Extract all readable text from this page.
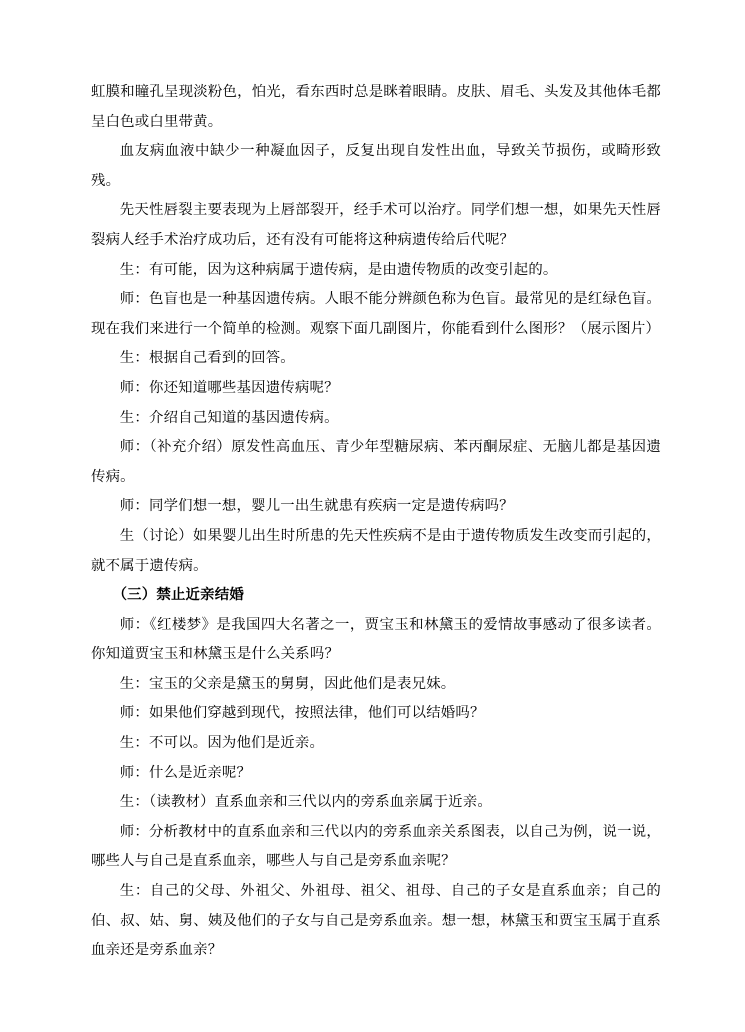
虹膜和瞳孔呈现淡粉色，怕光，看东西时总是眯着眼睛。皮肤、眉毛、头发及其他体毛都呈白色或白里带黄。

血友病血液中缺少一种凝血因子，反复出现自发性出血，导致关节损伤，或畸形致残。

先天性唇裂主要表现为上唇部裂开，经手术可以治疗。同学们想一想，如果先天性唇裂病人经手术治疗成功后，还有没有可能将这种病遗传给后代呢？

生：有可能，因为这种病属于遗传病，是由遗传物质的改变引起的。

师：色盲也是一种基因遗传病。人眼不能分辨颜色称为色盲。最常见的是红绿色盲。现在我们来进行一个简单的检测。观察下面几副图片，你能看到什么图形？（展示图片）

生：根据自己看到的回答。

师：你还知道哪些基因遗传病呢？

生：介绍自己知道的基因遗传病。

师：（补充介绍）原发性高血压、青少年型糖尿病、苯丙酮尿症、无脑儿都是基因遗传病。

师：同学们想一想，婴儿一出生就患有疾病一定是遗传病吗？

生（讨论）如果婴儿出生时所患的先天性疾病不是由于遗传物质发生改变而引起的，就不属于遗传病。

（三）禁止近亲结婚

师：《红楼梦》是我国四大名著之一，贾宝玉和林黛玉的爱情故事感动了很多读者。你知道贾宝玉和林黛玉是什么关系吗？

生：宝玉的父亲是黛玉的舅舅，因此他们是表兄妹。

师：如果他们穿越到现代，按照法律，他们可以结婚吗？

生：不可以。因为他们是近亲。

师：什么是近亲呢？

生：（读教材）直系血亲和三代以内的旁系血亲属于近亲。

师：分析教材中的直系血亲和三代以内的旁系血亲关系图表，以自己为例，说一说，哪些人与自己是直系血亲，哪些人与自己是旁系血亲呢？

生：自己的父母、外祖父、外祖母、祖父、祖母、自己的子女是直系血亲；自己的伯、叔、姑、舅、姨及他们的子女与自己是旁系血亲。想一想，林黛玉和贾宝玉属于直系血亲还是旁系血亲？
